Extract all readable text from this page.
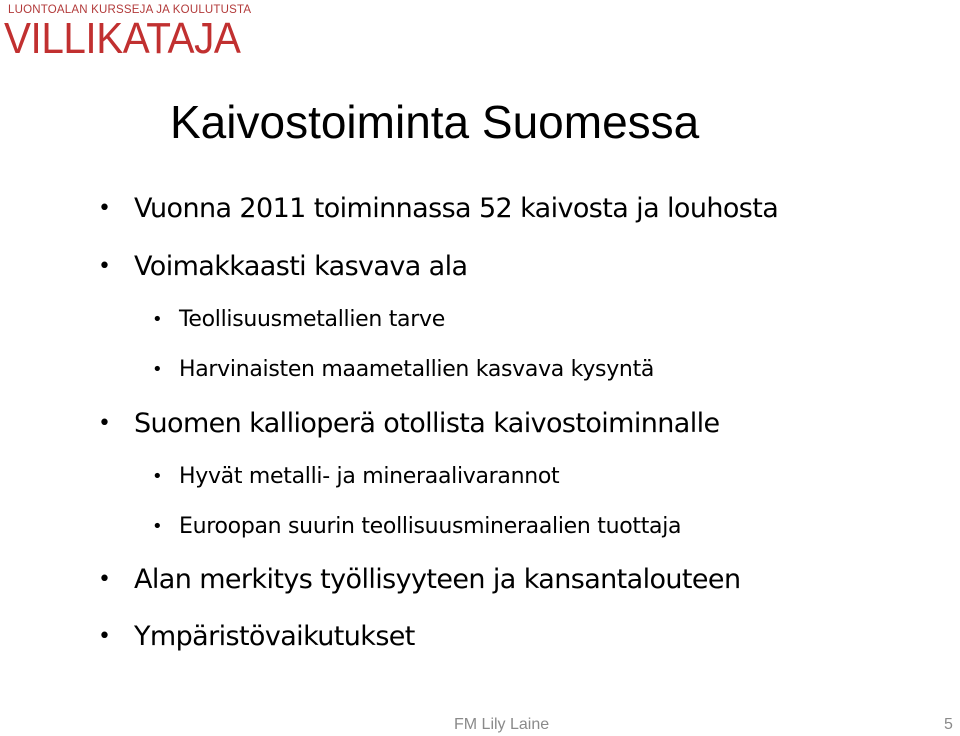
LUONTOALAN KURSSEJA JA KOULUTUSTA
VILLIKATAJA
Kaivostoiminta Suomessa
• Vuonna 2011 toiminnassa 52 kaivosta ja louhosta
• Voimakkaasti kasvava ala
• Teollisuusmetallien tarve
• Harvinaisten maametallien kasvava kysyntä
• Suomen kallioperä otollista kaivostoiminnalle
• Hyvät metalli- ja mineraalivarannot
• Euroopan suurin teollisuusmineraalien tuottaja
• Alan merkitys työllisyyteen ja kansantalouteen
• Ympäristövaikutukset
FM Lily Laine	5
